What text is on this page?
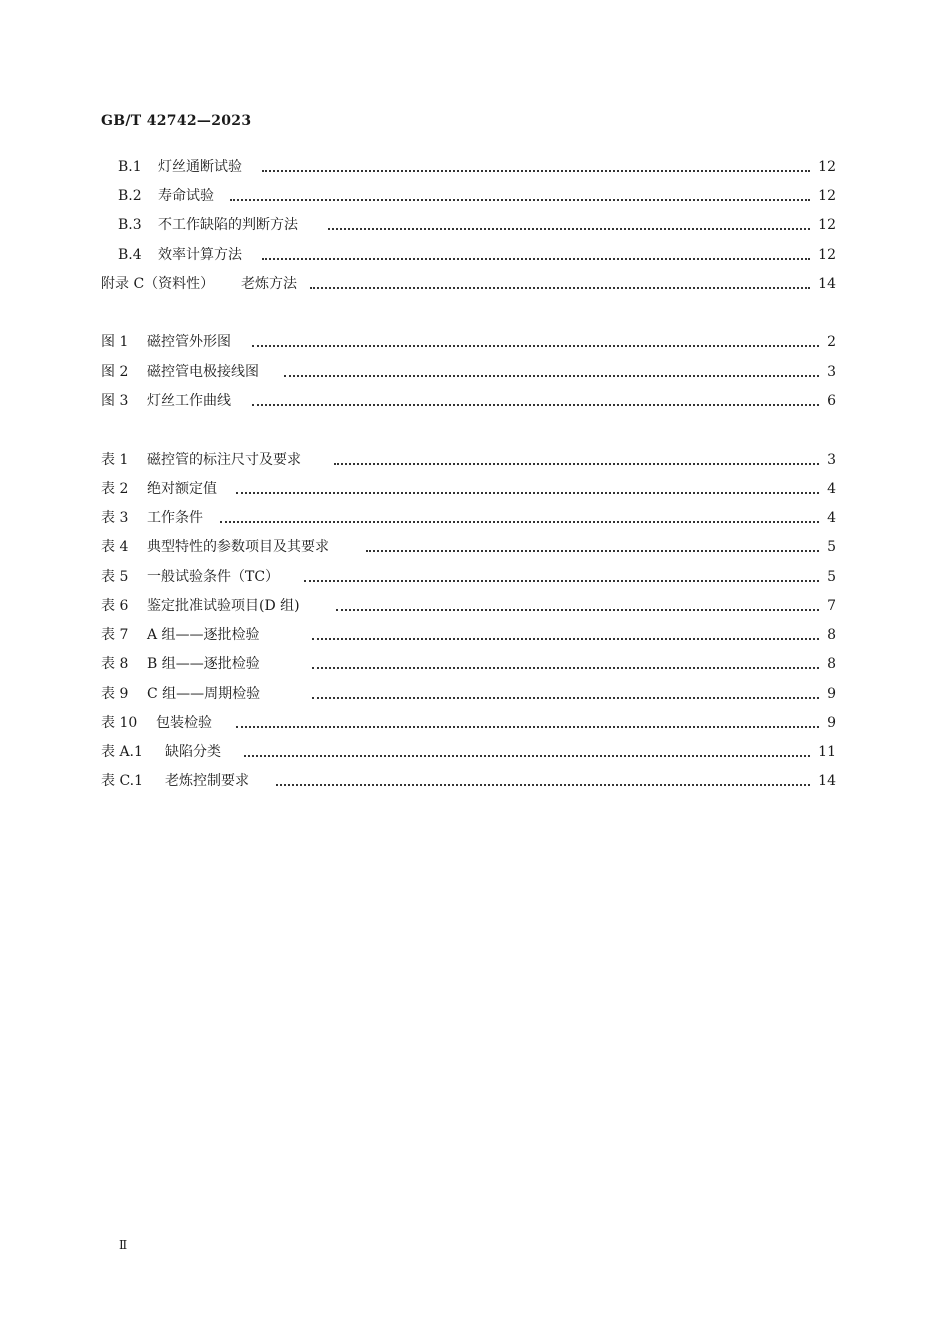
GB/T 42742—2023
B.1 灯丝通断试验	12
B.2 寿命试验	12
B.3 不工作缺陷的判断方法	12
B.4 效率计算方法	12
附录 C（资料性） 老炼方法	14
图 1 磁控管外形图	2
图 2 磁控管电极接线图	3
图 3 灯丝工作曲线	6
表 1 磁控管的标注尺寸及要求	3
表 2 绝对额定值	4
表 3 工作条件	4
表 4 典型特性的参数项目及其要求	5
表 5 一般试验条件（TC）	5
表 6 鉴定批准试验项目(D 组)	7
表 7 A 组——逐批检验	8
表 8 B 组——逐批检验	8
表 9 C 组——周期检验	9
表 10 包装检验	9
表 A.1 缺陷分类	11
表 C.1 老炼控制要求	14
Ⅱ
